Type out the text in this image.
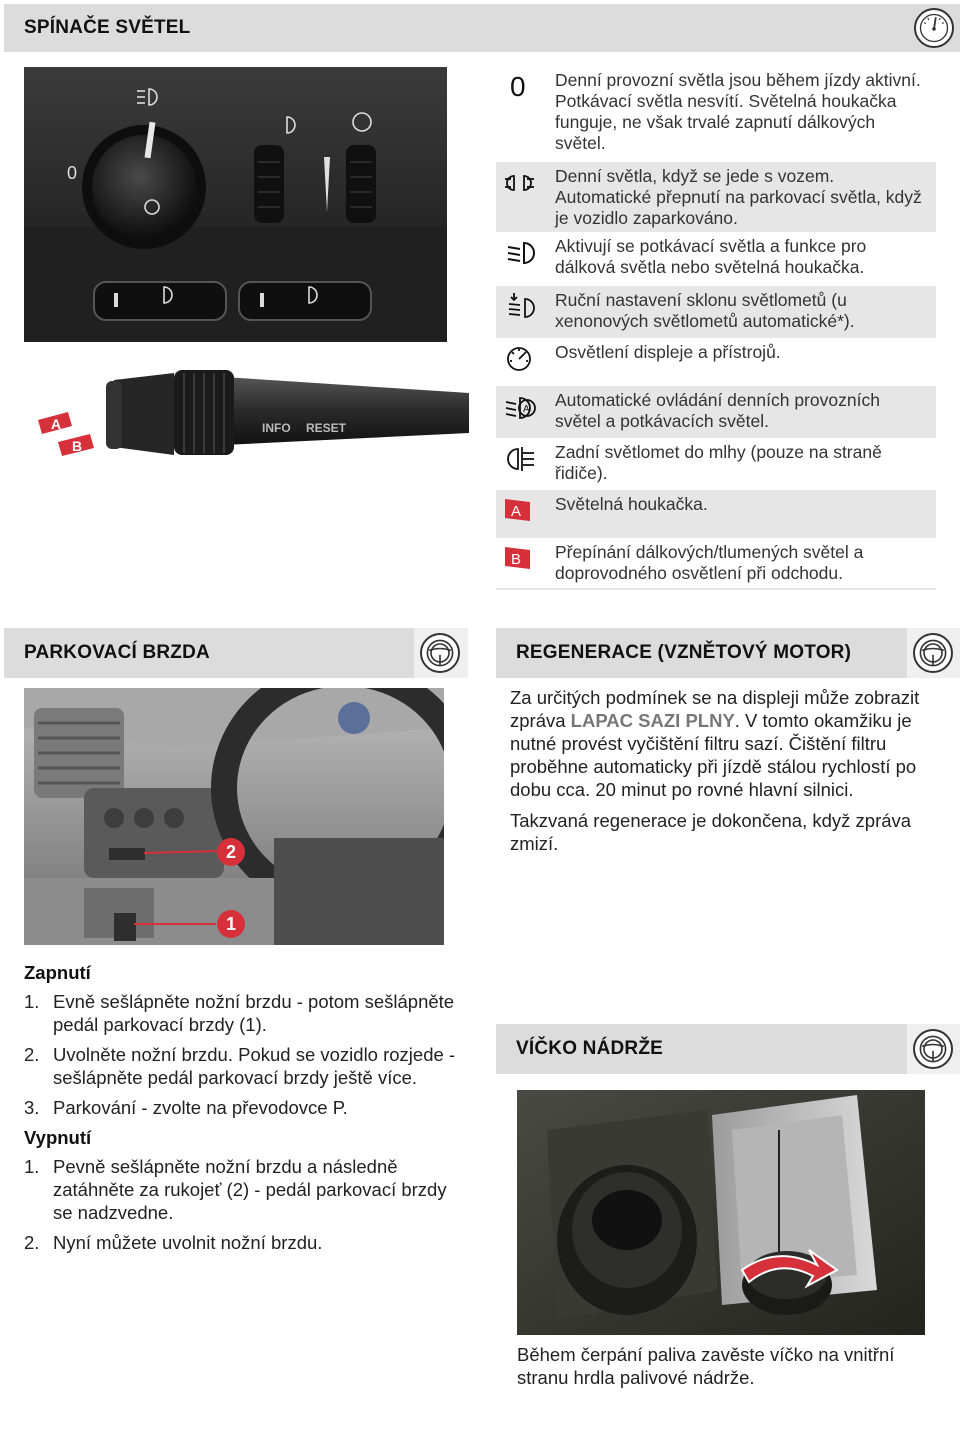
SPÍNAČE SVĚTEL
0
INFO RESET
A
B
0 Denní provozní světla jsou během jízdy aktivní. Potkávací světla nesvítí. Světelná houkačka funguje, ne však trvalé zapnutí dálkových světel.
Denní světla, když se jede s vozem. Automatické přepnutí na parkovací světla, když je vozidlo zaparkováno.
Aktivují se potkávací světla a funkce pro dálková světla nebo světelná houkačka.
Ruční nastavení sklonu světlometů (u xenonových světlometů automatické*).
Osvětlení displeje a přístrojů.
A Automatické ovládání denních provozních světel a potkávacích světel.
Zadní světlomet do mlhy (pouze na straně řidiče).
A Světelná houkačka.
B Přepínání dálkových/tlumených světel a doprovodného osvětlení při odchodu.
PARKOVACÍ BRZDA
2
1
Zapnutí
1. Evně sešlápněte nožní brzdu - potom sešlápněte pedál parkovací brzdy (1).
2. Uvolněte nožní brzdu. Pokud se vozidlo rozjede - sešlápněte pedál parkovací brzdy ještě více.
3. Parkování - zvolte na převodovce P.
Vypnutí
1. Pevně sešlápněte nožní brzdu a následně zatáhněte za rukojeť (2) - pedál parkovací brzdy se nadzvedne.
2. Nyní můžete uvolnit nožní brzdu.
REGENERACE (VZNĚTOVÝ MOTOR)

Za určitých podmínek se na displeji může zobrazit zpráva LAPAC SAZI PLNY. V tomto okamžiku je nutné provést vyčištění filtru sazí. Čištění filtru proběhne automaticky při jízdě stálou rychlostí po dobu cca. 20 minut po rovné hlavní silnici.

Takzvaná regenerace je dokončena, když zpráva zmizí.

VÍČKO NÁDRŽE
Během čerpání paliva zavěste víčko na vnitřní stranu hrdla palivové nádrže.
